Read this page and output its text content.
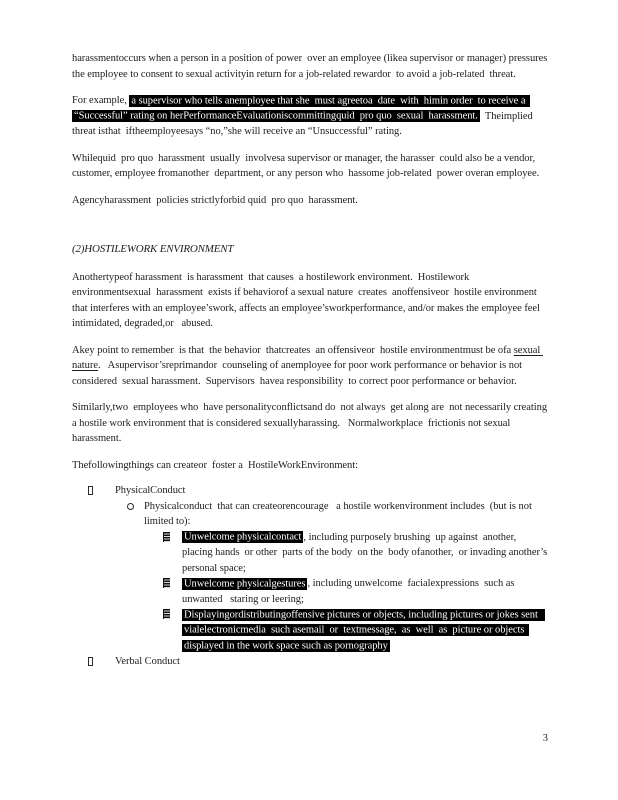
harassmentoccurs when a person in a position of power  over an employee (likea supervisor or manager) pressures   the employee to consent to sexual activityin return for a job-related rewardor  to avoid a job-related  threat.

For example, a supervisor who tells anemployee that she  must agreetoa  date  with  himin order  to receive a “Successful” rating on herPerformanceEvaluationiscommittingquid  pro quo  sexual  harassment.  Theimplied threat isthat  iftheemployeesays “no,”she will receive an “Unsuccessful” rating.

Whilequid  pro quo  harassment  usually  involvesa supervisor or manager, the harasser  could also be a vendor, customer, employee fromanother  department, or any person who  hassome job-related  power overan employee.

Agencyharassment  policies strictlyforbid quid  pro quo  harassment.

(2)HOSTILEWORK ENVIRONMENT

Anothertypeof harassment  is harassment  that causes  a hostilework environment.  Hostilework environmentsexual  harassment  exists if behaviorof a sexual nature  creates  anoffensiveor  hostile environment that interferes with an employee’swork, affects an employee’sworkperformance, and/or makes the employee feel intimidated, degraded,or   abused.

Akey point to remember  is that  the behavior  thatcreates  an offensiveor  hostile environmentmust be ofa sexual nature.   Asupervisor’sreprimandor  counseling of anemployee for poor work performance or behavior is not considered  sexual harassment.  Supervisors  havea responsibility  to correct poor performance or behavior.

Similarly,two  employees who  have personalityconflictsand do  not always  get along are  not necessarily creating a hostile work environment that is considered sexuallyharassing.   Normalworkplace  frictionis not sexual  harassment.

Thefollowingthings can createor  foster a  HostileWorkEnvironment:

PhysicalConduct
Physicalconduct  that can createorencourage   a hostile workenvironment includes  (but is not limited to):
Unwelcome physicalcontact , including purposely brushing  up against  another, placing hands  or other  parts of the body  on the  body ofanother,  or invading another’s personal space;
Unwelcome physicalgestures , including unwelcome  facialexpressions  such as unwanted   staring or leering;
Displayingordistributingoffensive pictures or objects, including pictures or jokes sent  vialelectronicmedia  such asemail  or  textmessage,  as  well  as  picture or objects displayed in the work space such as pornography
Verbal Conduct
3
